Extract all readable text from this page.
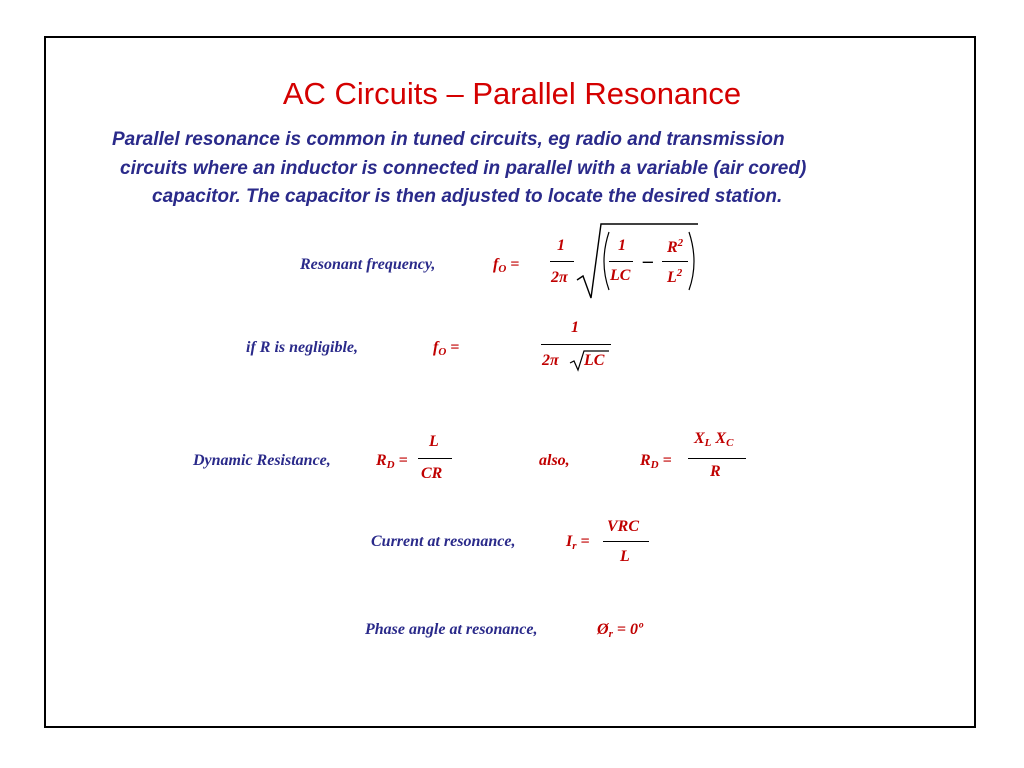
AC Circuits – Parallel Resonance
Parallel resonance is common in tuned circuits, eg radio and transmission
circuits where an inductor is connected in parallel with a variable (air cored)
capacitor. The capacitor is then adjusted to locate the desired station.
Resonant frequency,	$f_O$ =
1
2π
1
LC
–
$R^2$
$L^2$
if R is negligible,	$f_O$ =
1
2π LC
Dynamic Resistance,	$R_D$ =
L
CR
also,	$R_D$ =
$X_L$ $X_C$
R
Current at resonance,	$I_r$ =
VRC
L
Phase angle at resonance,	$Ø_r$ = 0º
